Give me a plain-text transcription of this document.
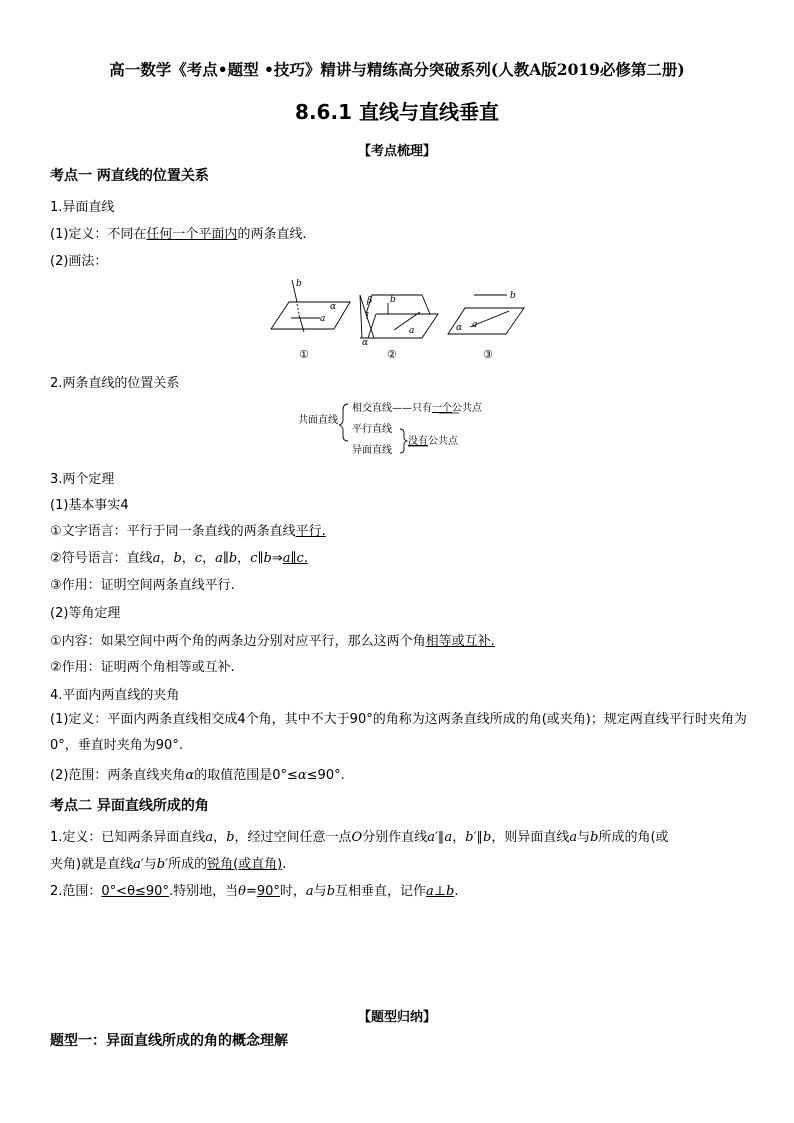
高一数学《考点•题型 •技巧》精讲与精练高分突破系列(人教A版2019必修第二册)
8.6.1 直线与直线垂直
【考点梳理】
考点一 两直线的位置关系
1.异面直线
(1)定义：不同在任何一个平面内的两条直线.
(2)画法：
b
α
a
①
β b
l
a
α
②
b
α a
③
2.两条直线的位置关系
共面直线
相交直线——只有一个公共点
平行直线
异面直线
没有公共点
3.两个定理
(1)基本事实4
①文字语言：平行于同一条直线的两条直线平行.
②符号语言：直线a，b，c，a∥b，c∥b⇒a∥c.
③作用：证明空间两条直线平行.
(2)等角定理
①内容：如果空间中两个角的两条边分别对应平行，那么这两个角相等或互补.
②作用：证明两个角相等或互补.
4.平面内两直线的夹角
(1)定义：平面内两条直线相交成4个角，其中不大于90°的角称为这两条直线所成的角(或夹角)；规定两直线平行时夹角为0°，垂直时夹角为90°.
(2)范围：两条直线夹角α的取值范围是0°≤α≤90°.
考点二 异面直线所成的角
1.定义：已知两条异面直线a，b，经过空间任意一点O分别作直线a′∥a，b′∥b，则异面直线a与b所成的角(或
夹角)就是直线a′与b′所成的锐角(或直角).
2.范围：0°<θ≤90°.特别地，当θ=90°时，a与b互相垂直，记作a⊥b.
【题型归纳】
题型一：异面直线所成的角的概念理解
